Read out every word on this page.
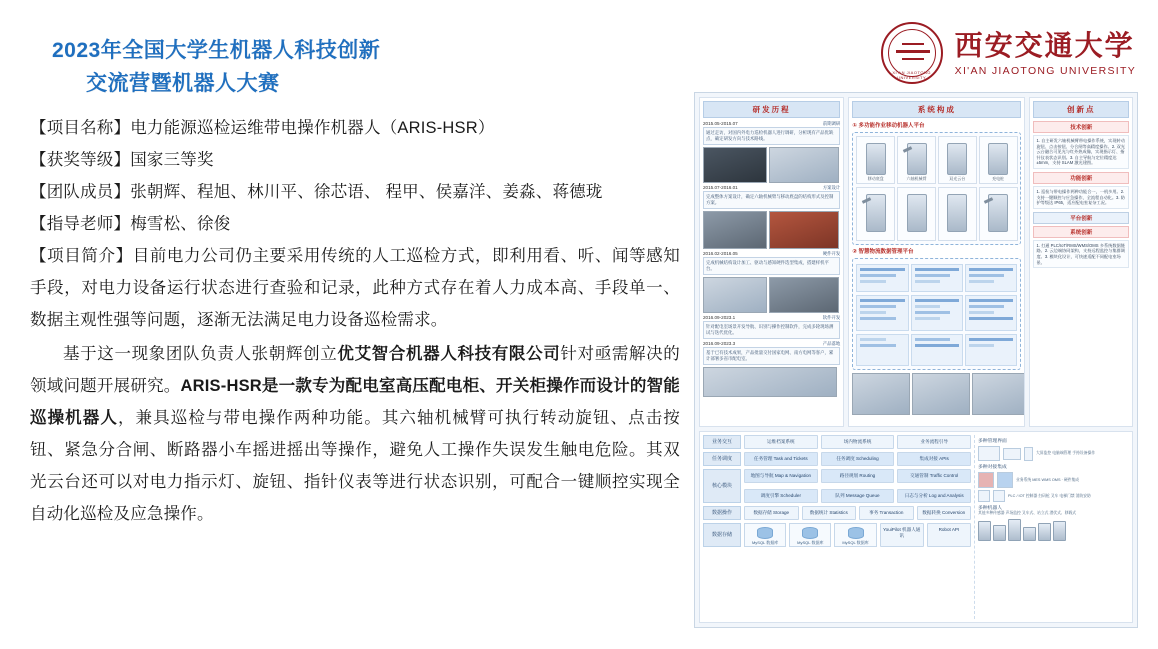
2023年全国大学生机器人科技创新
交流营暨机器人大赛	XI'AN JIAOTONG UNIVERSITY
西安交通大学
XI'AN JIAOTONG UNIVERSITY
【项目名称】电力能源巡检运维带电操作机器人（ARIS-HSR）
【获奖等级】国家三等奖
【团队成员】张朝辉、程旭、林川平、徐芯语、 程甲、侯嘉洋、姜淼、蒋德珑
【指导老师】梅雪松、徐俊
【项目简介】目前电力公司仍主要采用传统的人工巡检方式，即利用看、听、闻等感知手段，对电力设备运行状态进行查验和记录，此种方式存在着人力成本高、手段单一、数据主观性强等问题，逐渐无法满足电力设备巡检需求。
基于这一现象团队负责人张朝辉创立优艾智合机器人科技有限公司针对亟需解决的领域问题开展研究。ARIS-HSR是一款专为配电室高压配电柜、开关柜操作而设计的智能巡操机器人，兼具巡检与带电操作两种功能。其六轴机械臂可执行转动旋钮、点击按钮、紧急分合闸、断路器小车摇进摇出等操作，避免人工操作失误发生触电危险。其双光云台还可以对电力指示灯、旋钮、指针仪表等进行状态识别，可配合一键顺控实现全自动化巡检及应急操作。
研发历程
2015.05-2015.07	前期调研
通过走访，对国内外电力巡检机器人进行调研，分析现有产品优缺点，确定研发方向与技术路线。
2015.07-2016.01	方案设计
完成整体方案设计，确定六轴机械臂与移动底盘的结构形式及控制方案。
2016.02-2016.05	硬件开发
完成机械结构设计加工、驱动与感知硬件选型集成，搭建样机平台。
2016.09-2023.1	软件开发
针对配电室场景开发导航、识别与操作控制软件，完成多轮现场测试与迭代优化。
2016.09-2023.3	产品落地
基于已有技术成果，产品批量交付国家电网、南方电网等客户，累计部署多省市配电室。
系统构成
① 多功能作业移动机器人平台
移动底盘	六轴机械臂	双光云台	充电桩
② 智慧物流数据管理平台
创新点
技术创新
1. 自主研发六轴机械臂带电操作系统，实现转动旋钮、点击按钮、分合闸等高精度操作。2. 双光云台融合可见光与红外热成像，实现指示灯、指针仪表状态识别。3. 自主导航与定位精度达 ±5mm，支持 SLAM 激光建图。
功能创新
1. 巡检与带电操作两种功能合一，一机多用。2. 支持一键顺控与应急操作，全流程自动化。3. 防护等级达 IP65，适应配电室复杂工况。
平台创新
系统创新
1. 打通 PLC/IoT/RMS/WMS/OMS 多系统数据链路。2. 云边端协同架构，支持远程监控与集群调度。3. 模块化设计，可快速适配不同配电室场景。
业务交互	运维档案系统	场内物流系统	业务流程引导
任务调度	任务管理 Task and Tickets	任务调度 Scheduling	集成对接 APIs
核心模块
地图与导航 Map & Navigation	路径规划 Routing	交通管制 Traffic Control
调度引擎 Scheduler	队列 Message Queue	日志与分析 Log and Analysis
数据操作	数据存储 Storage	数据统计 Statistics	事务 Transaction	数据转换 Conversion
数据存储
MySQL 数据库	MySQL 数据库	MySQL 数据库
YouiPilot 机器人通讯
Robot API
多种管理界面
大屏监控 电脑端管理 手持设备操作
多种对接集成
业务系统 MES WMS OMS · 硬件集成
PLC / IOT 控制器 扫码枪 叉车 电梯门禁 消防安防
多种机器人
其他多种传感器 声场监控 叉车式、站立式 潜伏式、移载式
